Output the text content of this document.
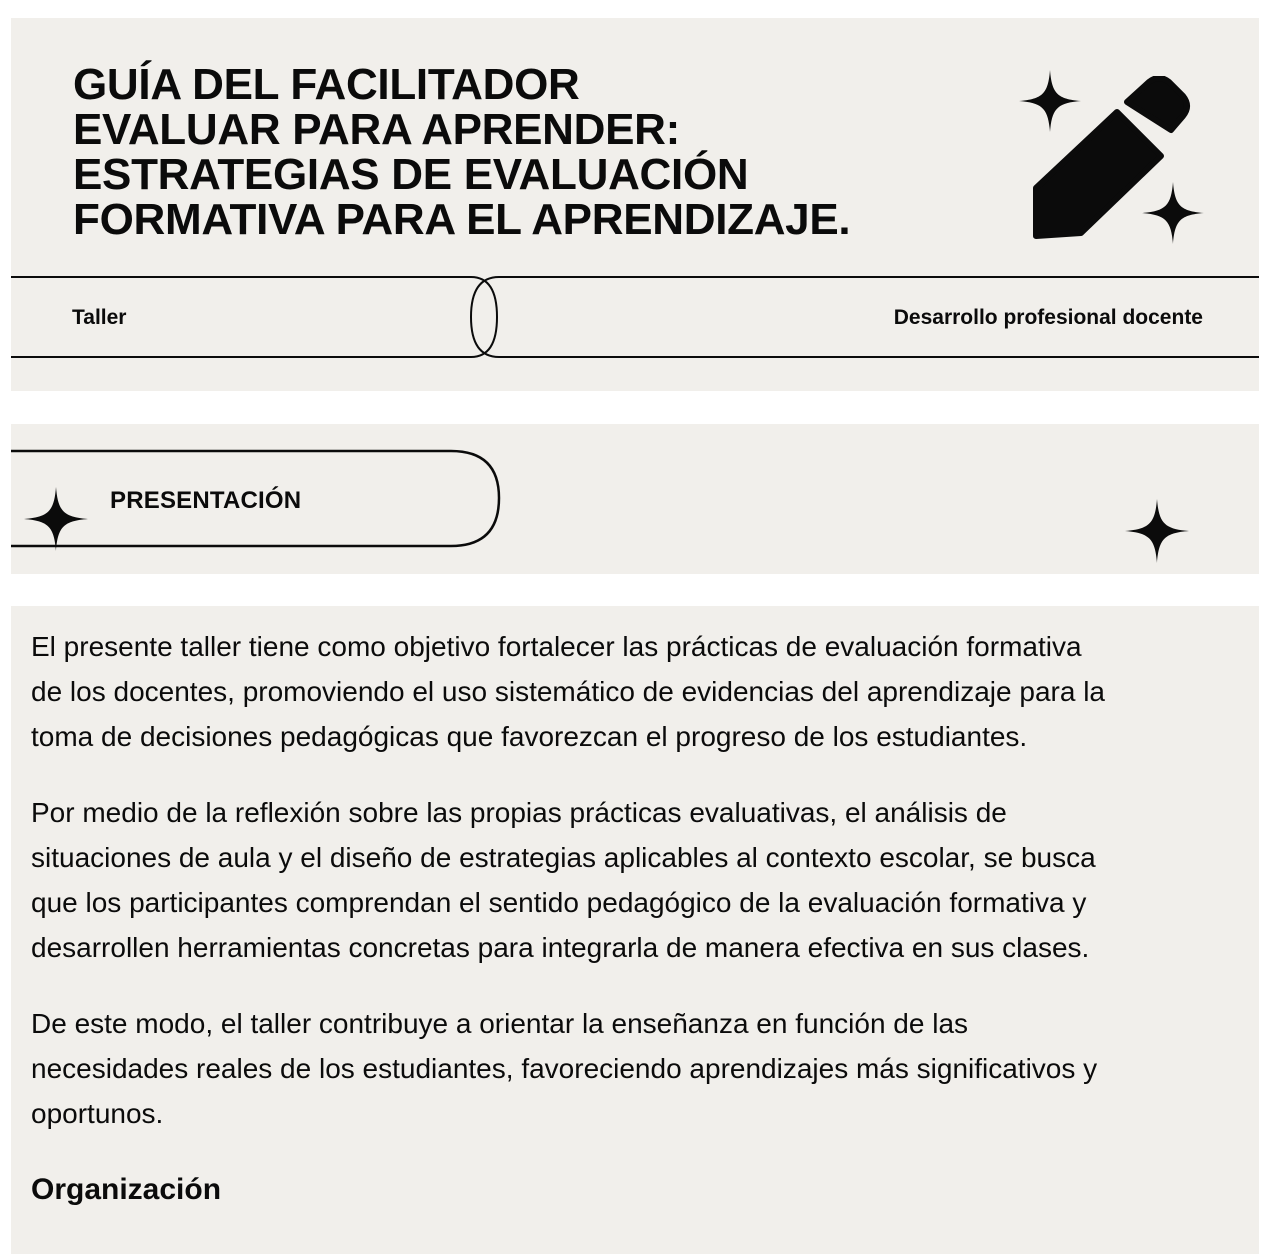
GUÍA DEL FACILITADOR
EVALUAR PARA APRENDER:
ESTRATEGIAS DE EVALUACIÓN
FORMATIVA PARA EL APRENDIZAJE.
Taller	Desarrollo profesional docente
PRESENTACIÓN

El presente taller tiene como objetivo fortalecer las prácticas de evaluación formativa
de los docentes, promoviendo el uso sistemático de evidencias del aprendizaje para la
toma de decisiones pedagógicas que favorezcan el progreso de los estudiantes.

Por medio de la reflexión sobre las propias prácticas evaluativas, el análisis de
situaciones de aula y el diseño de estrategias aplicables al contexto escolar, se busca
que los participantes comprendan el sentido pedagógico de la evaluación formativa y
desarrollen herramientas concretas para integrarla de manera efectiva en sus clases.

De este modo, el taller contribuye a orientar la enseñanza en función de las
necesidades reales de los estudiantes, favoreciendo aprendizajes más significativos y
oportunos.

Organización
